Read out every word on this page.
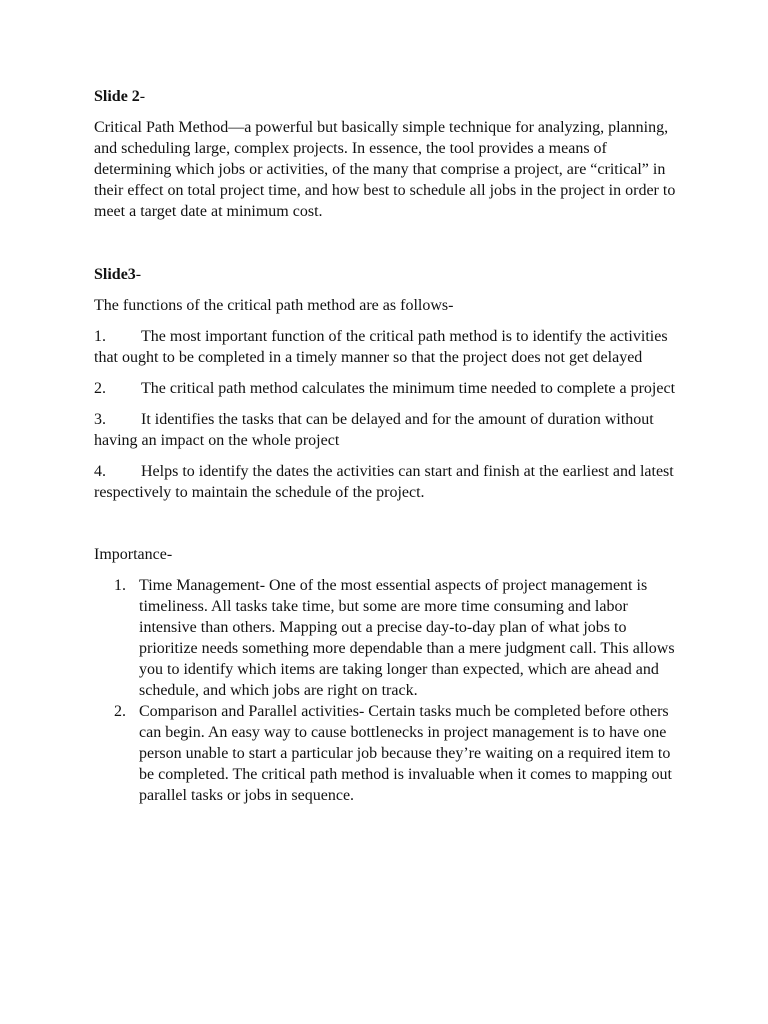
Slide 2-

Critical Path Method—a powerful but basically simple technique for analyzing, planning, and scheduling large, complex projects. In essence, the tool provides a means of determining which jobs or activities, of the many that comprise a project, are “critical” in their effect on total project time, and how best to schedule all jobs in the project in order to meet a target date at minimum cost.

Slide3-

The functions of the critical path method are as follows-

1. The most important function of the critical path method is to identify the activities that ought to be completed in a timely manner so that the project does not get delayed

2. The critical path method calculates the minimum time needed to complete a project

3. It identifies the tasks that can be delayed and for the amount of duration without having an impact on the whole project

4. Helps to identify the dates the activities can start and finish at the earliest and latest respectively to maintain the schedule of the project.

Importance-

1. Time Management- One of the most essential aspects of project management is timeliness. All tasks take time, but some are more time consuming and labor intensive than others. Mapping out a precise day-to-day plan of what jobs to prioritize needs something more dependable than a mere judgment call. This allows you to identify which items are taking longer than expected, which are ahead and schedule, and which jobs are right on track.
2. Comparison and Parallel activities- Certain tasks much be completed before others can begin. An easy way to cause bottlenecks in project management is to have one person unable to start a particular job because they’re waiting on a required item to be completed. The critical path method is invaluable when it comes to mapping out parallel tasks or jobs in sequence.
